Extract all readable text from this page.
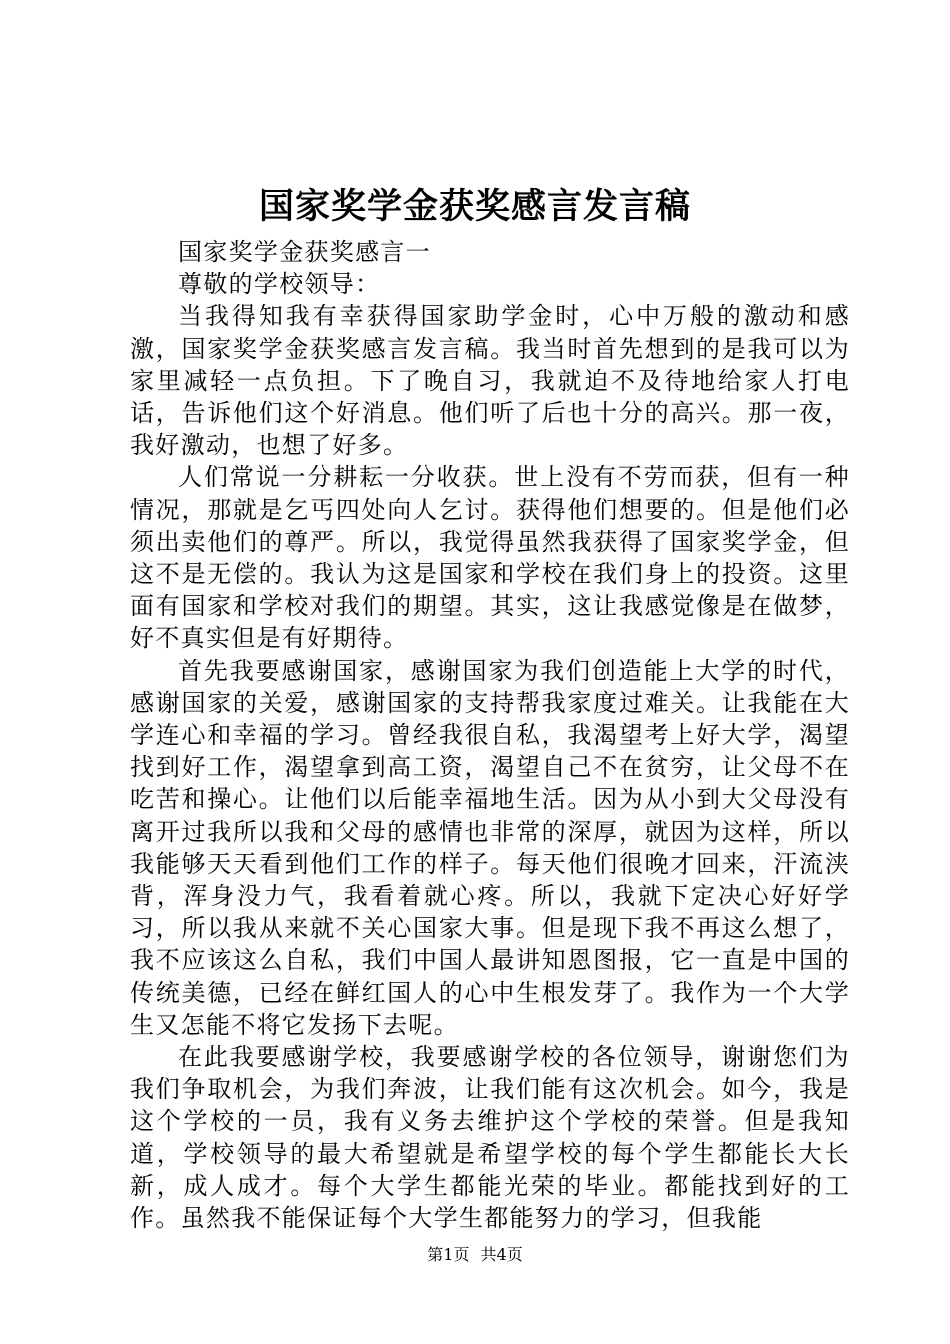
国家奖学金获奖感言发言稿

国家奖学金获奖感言一

尊敬的学校领导：

当我得知我有幸获得国家助学金时，心中万般的激动和感激，国家奖学金获奖感言发言稿。我当时首先想到的是我可以为家里减轻一点负担。下了晚自习，我就迫不及待地给家人打电话，告诉他们这个好消息。他们听了后也十分的高兴。那一夜，我好激动，也想了好多。

人们常说一分耕耘一分收获。世上没有不劳而获，但有一种情况，那就是乞丐四处向人乞讨。获得他们想要的。但是他们必须出卖他们的尊严。所以，我觉得虽然我获得了国家奖学金，但这不是无偿的。我认为这是国家和学校在我们身上的投资。这里面有国家和学校对我们的期望。其实，这让我感觉像是在做梦，好不真实但是有好期待。

首先我要感谢国家，感谢国家为我们创造能上大学的时代，感谢国家的关爱，感谢国家的支持帮我家度过难关。让我能在大学连心和幸福的学习。曾经我很自私，我渴望考上好大学，渴望找到好工作，渴望拿到高工资，渴望自己不在贫穷，让父母不在吃苦和操心。让他们以后能幸福地生活。因为从小到大父母没有离开过我所以我和父母的感情也非常的深厚，就因为这样，所以我能够天天看到他们工作的样子。每天他们很晚才回来，汗流浃背，浑身没力气，我看着就心疼。所以，我就下定决心好好学习，所以我从来就不关心国家大事。但是现下我不再这么想了，我不应该这么自私，我们中国人最讲知恩图报，它一直是中国的传统美德，已经在鲜红国人的心中生根发芽了。我作为一个大学生又怎能不将它发扬下去呢。

在此我要感谢学校，我要感谢学校的各位领导，谢谢您们为我们争取机会，为我们奔波，让我们能有这次机会。如今，我是这个学校的一员，我有义务去维护这个学校的荣誉。但是我知道，学校领导的最大希望就是希望学校的每个学生都能长大长新，成人成才。每个大学生都能光荣的毕业。都能找到好的工作。虽然我不能保证每个大学生都能努力的学习，但我能

第1页 共4页
